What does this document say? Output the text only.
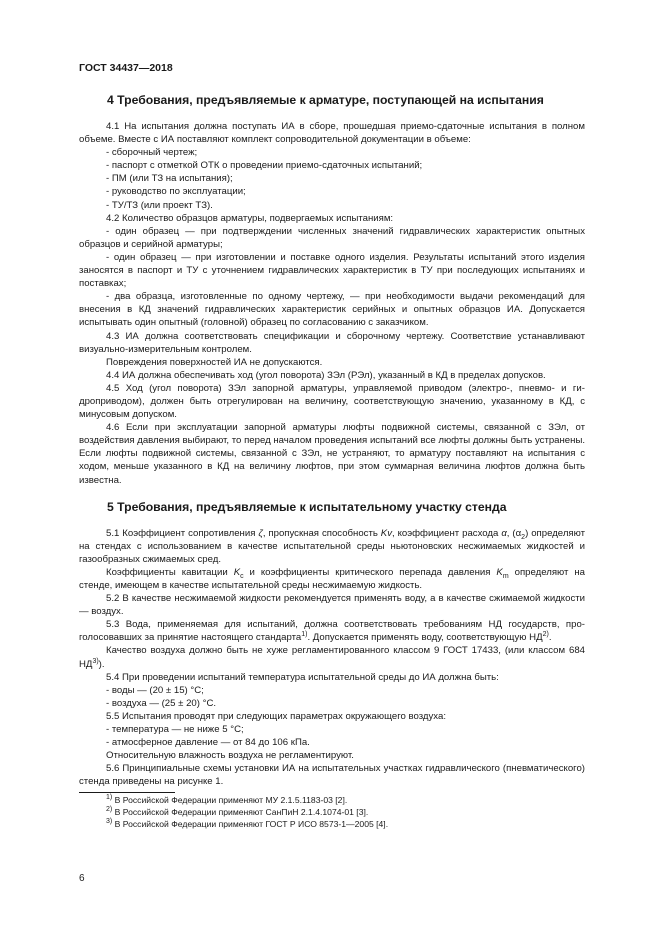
ГОСТ 34437—2018
4 Требования, предъявляемые к арматуре, поступающей на испытания

4.1 На испытания должна поступать ИА в сборе, прошедшая приемо-сдаточные испытания в полном объеме. Вместе с ИА поставляют комплект сопроводительной документации в объеме:

- сборочный чертеж;

- паспорт с отметкой ОТК о проведении приемо-сдаточных испытаний;

- ПМ (или ТЗ на испытания);

- руководство по эксплуатации;

- ТУ/ТЗ (или проект ТЗ).

4.2 Количество образцов арматуры, подвергаемых испытаниям:

- один образец — при подтверждении численных значений гидравлических характеристик опытных образцов и серийной арматуры;

- один образец — при изготовлении и поставке одного изделия. Результаты испытаний этого изделия заносятся в паспорт и ТУ с уточнением гидравлических характеристик в ТУ при последующих испытаниях и поставках;

- два образца, изготовленные по одному чертежу, — при необходимости выдачи рекомендаций для внесения в КД значений гидравлических характеристик серийных и опытных образцов ИА. Допускается испытывать один опытный (головной) образец по согласованию с заказчиком.

4.3 ИА должна соответствовать спецификации и сборочному чертежу. Соответствие устанавливают визуально-измерительным контролем.

Повреждения поверхностей ИА не допускаются.

4.4 ИА должна обеспечивать ход (угол поворота) ЗЭл (РЭл), указанный в КД в пределах допусков.

4.5 Ход (угол поворота) ЗЭл запорной арматуры, управляемой приводом (электро-, пневмо- и гидроприводом), должен быть отрегулирован на величину, соответствующую значению, указанному в КД, с минусовым допуском.

4.6 Если при эксплуатации запорной арматуры люфты подвижной системы, связанной с ЗЭл, от воздействия давления выбирают, то перед началом проведения испытаний все люфты должны быть устранены. Если люфты подвижной системы, связанной с ЗЭл, не устраняют, то арматуру поставляют на испытания с ходом, меньше указанного в КД на величину люфтов, при этом суммарная величина люфтов должна быть известна.

5 Требования, предъявляемые к испытательному участку стенда

5.1 Коэффициент сопротивления ζ, пропускная способность Kv, коэффициент расхода α, $(\alpha_2)$ определяют на стендах с использованием в качестве испытательной среды ньютоновских несжимаемых жидкостей и газообразных сжимаемых сред.

Коэффициенты кавитации $K_c$ и коэффициенты критического перепада давления $K_m$ определяют на стенде, имеющем в качестве испытательной среды несжимаемую жидкость.

5.2 В качестве несжимаемой жидкости рекомендуется применять воду, а в качестве сжимаемой жидкости — воздух.

5.3 Вода, применяемая для испытаний, должна соответствовать требованиям НД государств, проголосовавших за принятие настоящего стандарта$^{1)}$. Допускается применять воду, соответствующую НД$^{2)}$.

Качество воздуха должно быть не хуже регламентированного классом 9 ГОСТ 17433, (или классом 684 НД$^{3)}$).

5.4 При проведении испытаний температура испытательной среды до ИА должна быть:

- воды — (20 ± 15) °С;

- воздуха — (25 ± 20) °С.

5.5 Испытания проводят при следующих параметрах окружающего воздуха:

- температура — не ниже 5 °С;

- атмосферное давление — от 84 до 106 кПа.

Относительную влажность воздуха не регламентируют.

5.6 Принципиальные схемы установки ИА на испытательных участках гидравлического (пневматического) стенда приведены на рисунке 1.

$^{1)}$ В Российской Федерации применяют МУ 2.1.5.1183-03 [2].
$^{2)}$ В Российской Федерации применяют СанПиН 2.1.4.1074-01 [3].
$^{3)}$ В Российской Федерации применяют ГОСТ Р ИСО 8573-1—2005 [4].
6
